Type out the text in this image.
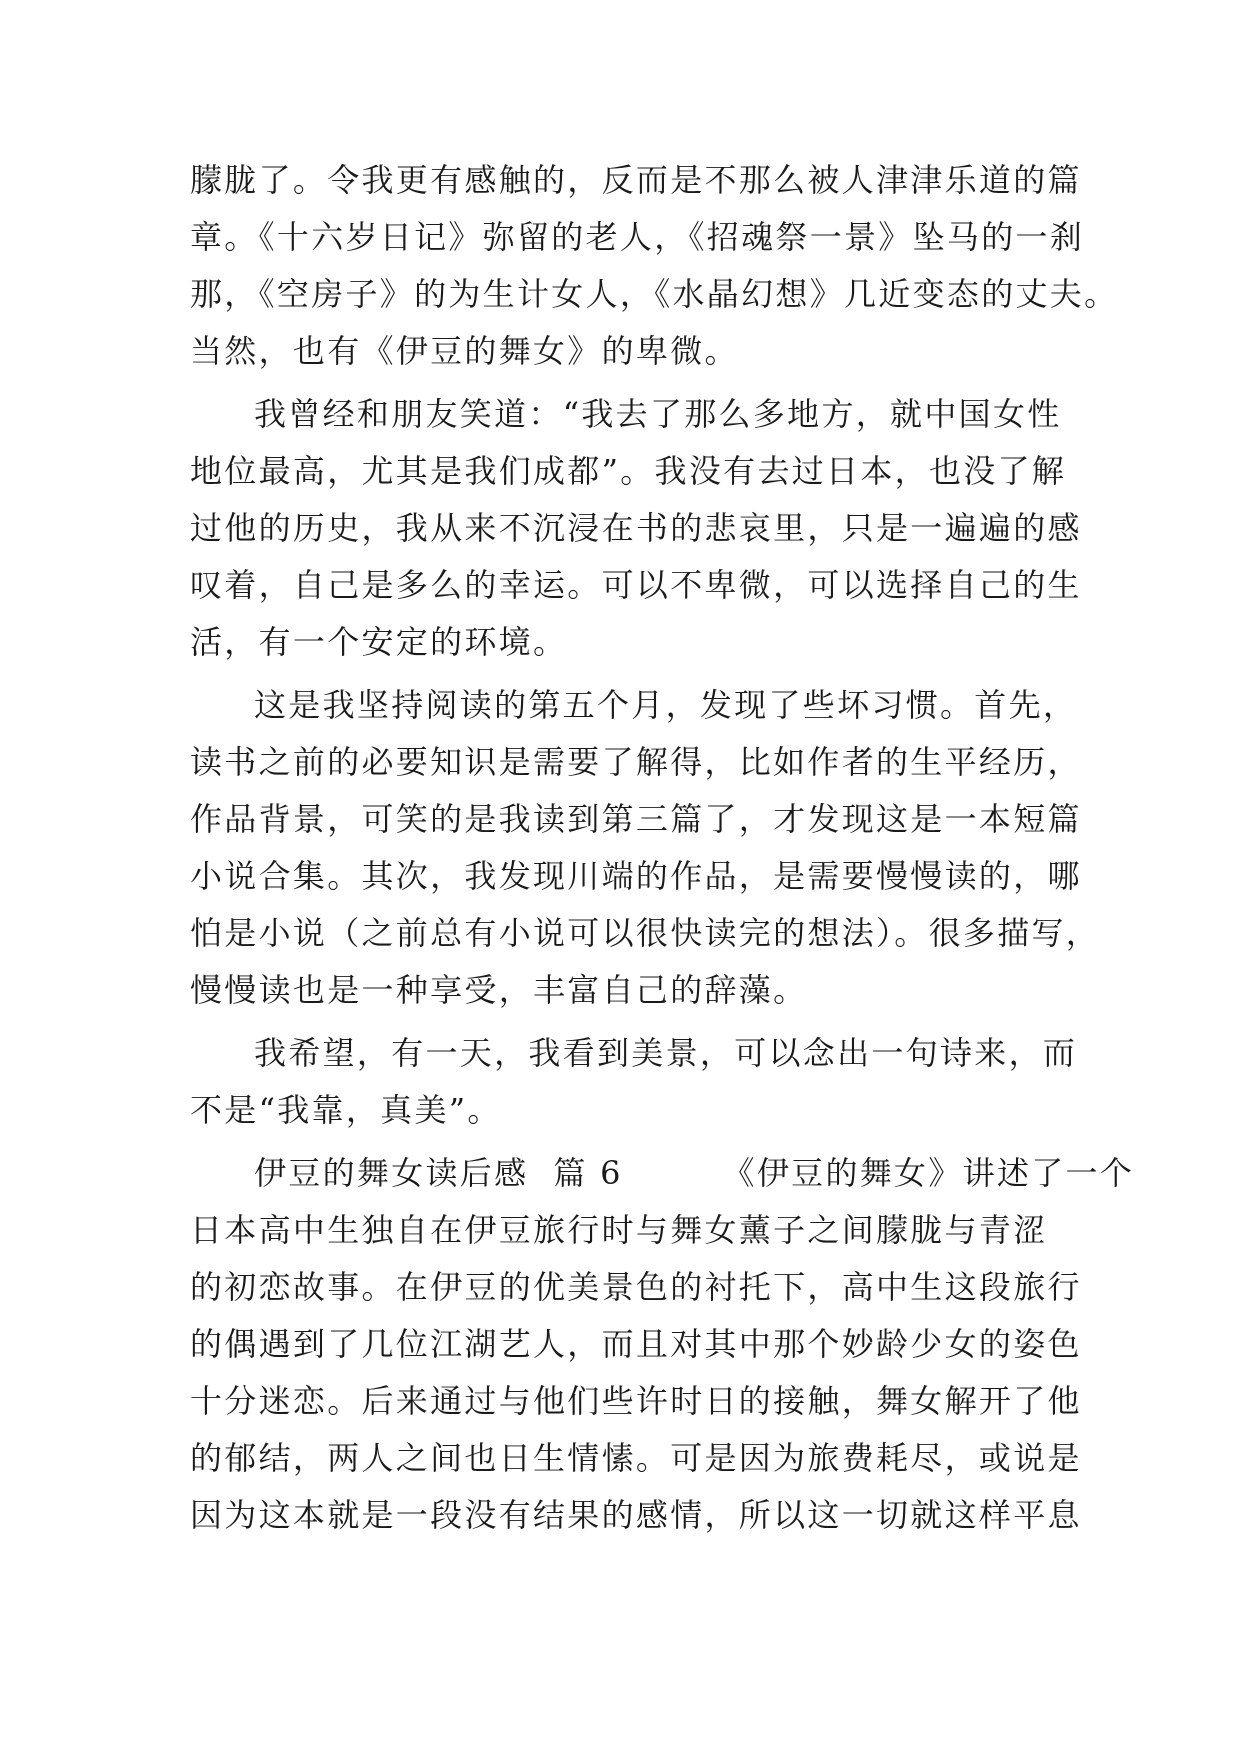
朦胧了。令我更有感触的，反而是不那么被人津津乐道的篇
章。《十六岁日记》弥留的老人，《招魂祭一景》坠马的一刹
那，《空房子》的为生计女人，《水晶幻想》几近变态的丈夫。
当然，也有《伊豆的舞女》的卑微。
我曾经和朋友笑道：“我去了那么多地方，就中国女性
地位最高，尤其是我们成都”。我没有去过日本，也没了解
过他的历史，我从来不沉浸在书的悲哀里，只是一遍遍的感
叹着，自己是多么的幸运。可以不卑微，可以选择自己的生
活，有一个安定的环境。
这是我坚持阅读的第五个月，发现了些坏习惯。首先，
读书之前的必要知识是需要了解得，比如作者的生平经历，
作品背景，可笑的是我读到第三篇了，才发现这是一本短篇
小说合集。其次，我发现川端的作品，是需要慢慢读的，哪
怕是小说（之前总有小说可以很快读完的想法）。很多描写，
慢慢读也是一种享受，丰富自己的辞藻。
我希望，有一天，我看到美景，可以念出一句诗来，而
不是“我靠，真美”。
伊豆的舞女读后感  篇 6        《伊豆的舞女》讲述了一个
日本高中生独自在伊豆旅行时与舞女薰子之间朦胧与青涩
的初恋故事。在伊豆的优美景色的衬托下，高中生这段旅行
的偶遇到了几位江湖艺人，而且对其中那个妙龄少女的姿色
十分迷恋。后来通过与他们些许时日的接触，舞女解开了他
的郁结，两人之间也日生情愫。可是因为旅费耗尽，或说是
因为这本就是一段没有结果的感情，所以这一切就这样平息
